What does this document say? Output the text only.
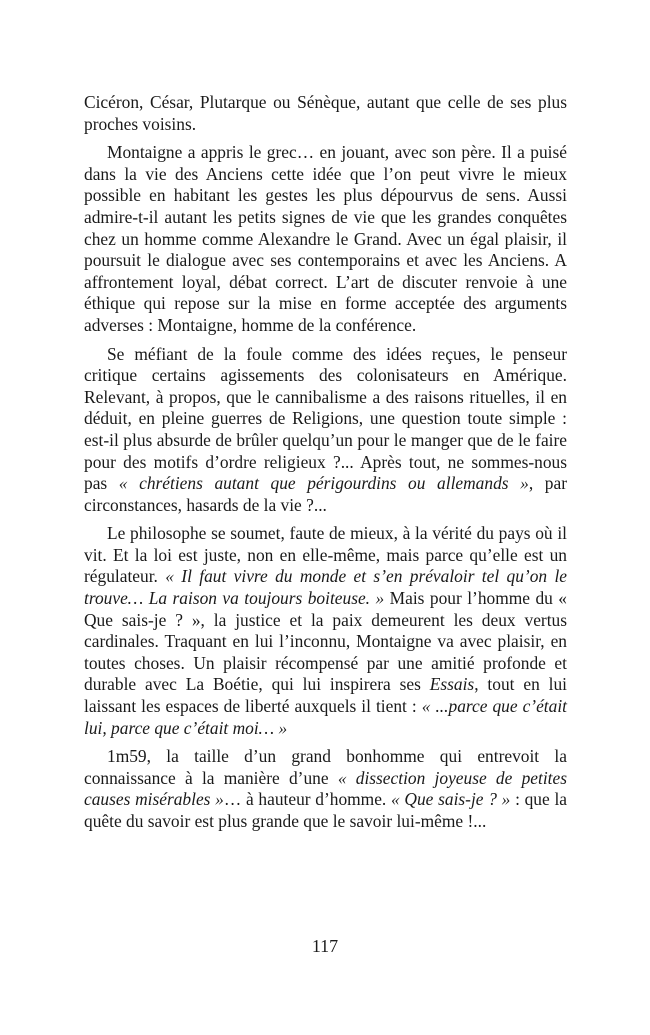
Cicéron, César, Plutarque ou Sénèque, autant que celle de ses plus proches voisins.

Montaigne a appris le grec… en jouant, avec son père. Il a puisé dans la vie des Anciens cette idée que l’on peut vivre le mieux possible en habitant les gestes les plus dépourvus de sens. Aussi admire-t-il autant les petits signes de vie que les grandes conquêtes chez un homme comme Alexandre le Grand. Avec un égal plaisir, il poursuit le dialogue avec ses contemporains et avec les Anciens. A affrontement loyal, débat correct. L’art de discuter renvoie à une éthique qui repose sur la mise en forme acceptée des arguments adverses : Montaigne, homme de la conférence.

Se méfiant de la foule comme des idées reçues, le penseur critique certains agissements des colonisateurs en Amérique. Relevant, à propos, que le cannibalisme a des raisons rituelles, il en déduit, en pleine guerres de Religions, une question toute simple : est-il plus absurde de brûler quelqu’un pour le manger que de le faire pour des motifs d’ordre religieux ?... Après tout, ne sommes-nous pas « chrétiens autant que périgourdins ou allemands », par circonstances, hasards de la vie ?...

Le philosophe se soumet, faute de mieux, à la vérité du pays où il vit. Et la loi est juste, non en elle-même, mais parce qu’elle est un régulateur. « Il faut vivre du monde et s’en prévaloir tel qu’on le trouve… La raison va toujours boiteuse. » Mais pour l’homme du « Que sais-je ? », la justice et la paix demeurent les deux vertus cardinales. Traquant en lui l’inconnu, Montaigne va avec plaisir, en toutes choses. Un plaisir récompensé par une amitié profonde et durable avec La Boétie, qui lui inspirera ses Essais, tout en lui laissant les espaces de liberté auxquels il tient : « ...parce que c’était lui, parce que c’était moi… »

1m59, la taille d’un grand bonhomme qui entrevoit la connaissance à la manière d’une « dissection joyeuse de petites causes misérables »… à hauteur d’homme. « Que sais-je ? » : que la quête du savoir est plus grande que le savoir lui-même !...

117
